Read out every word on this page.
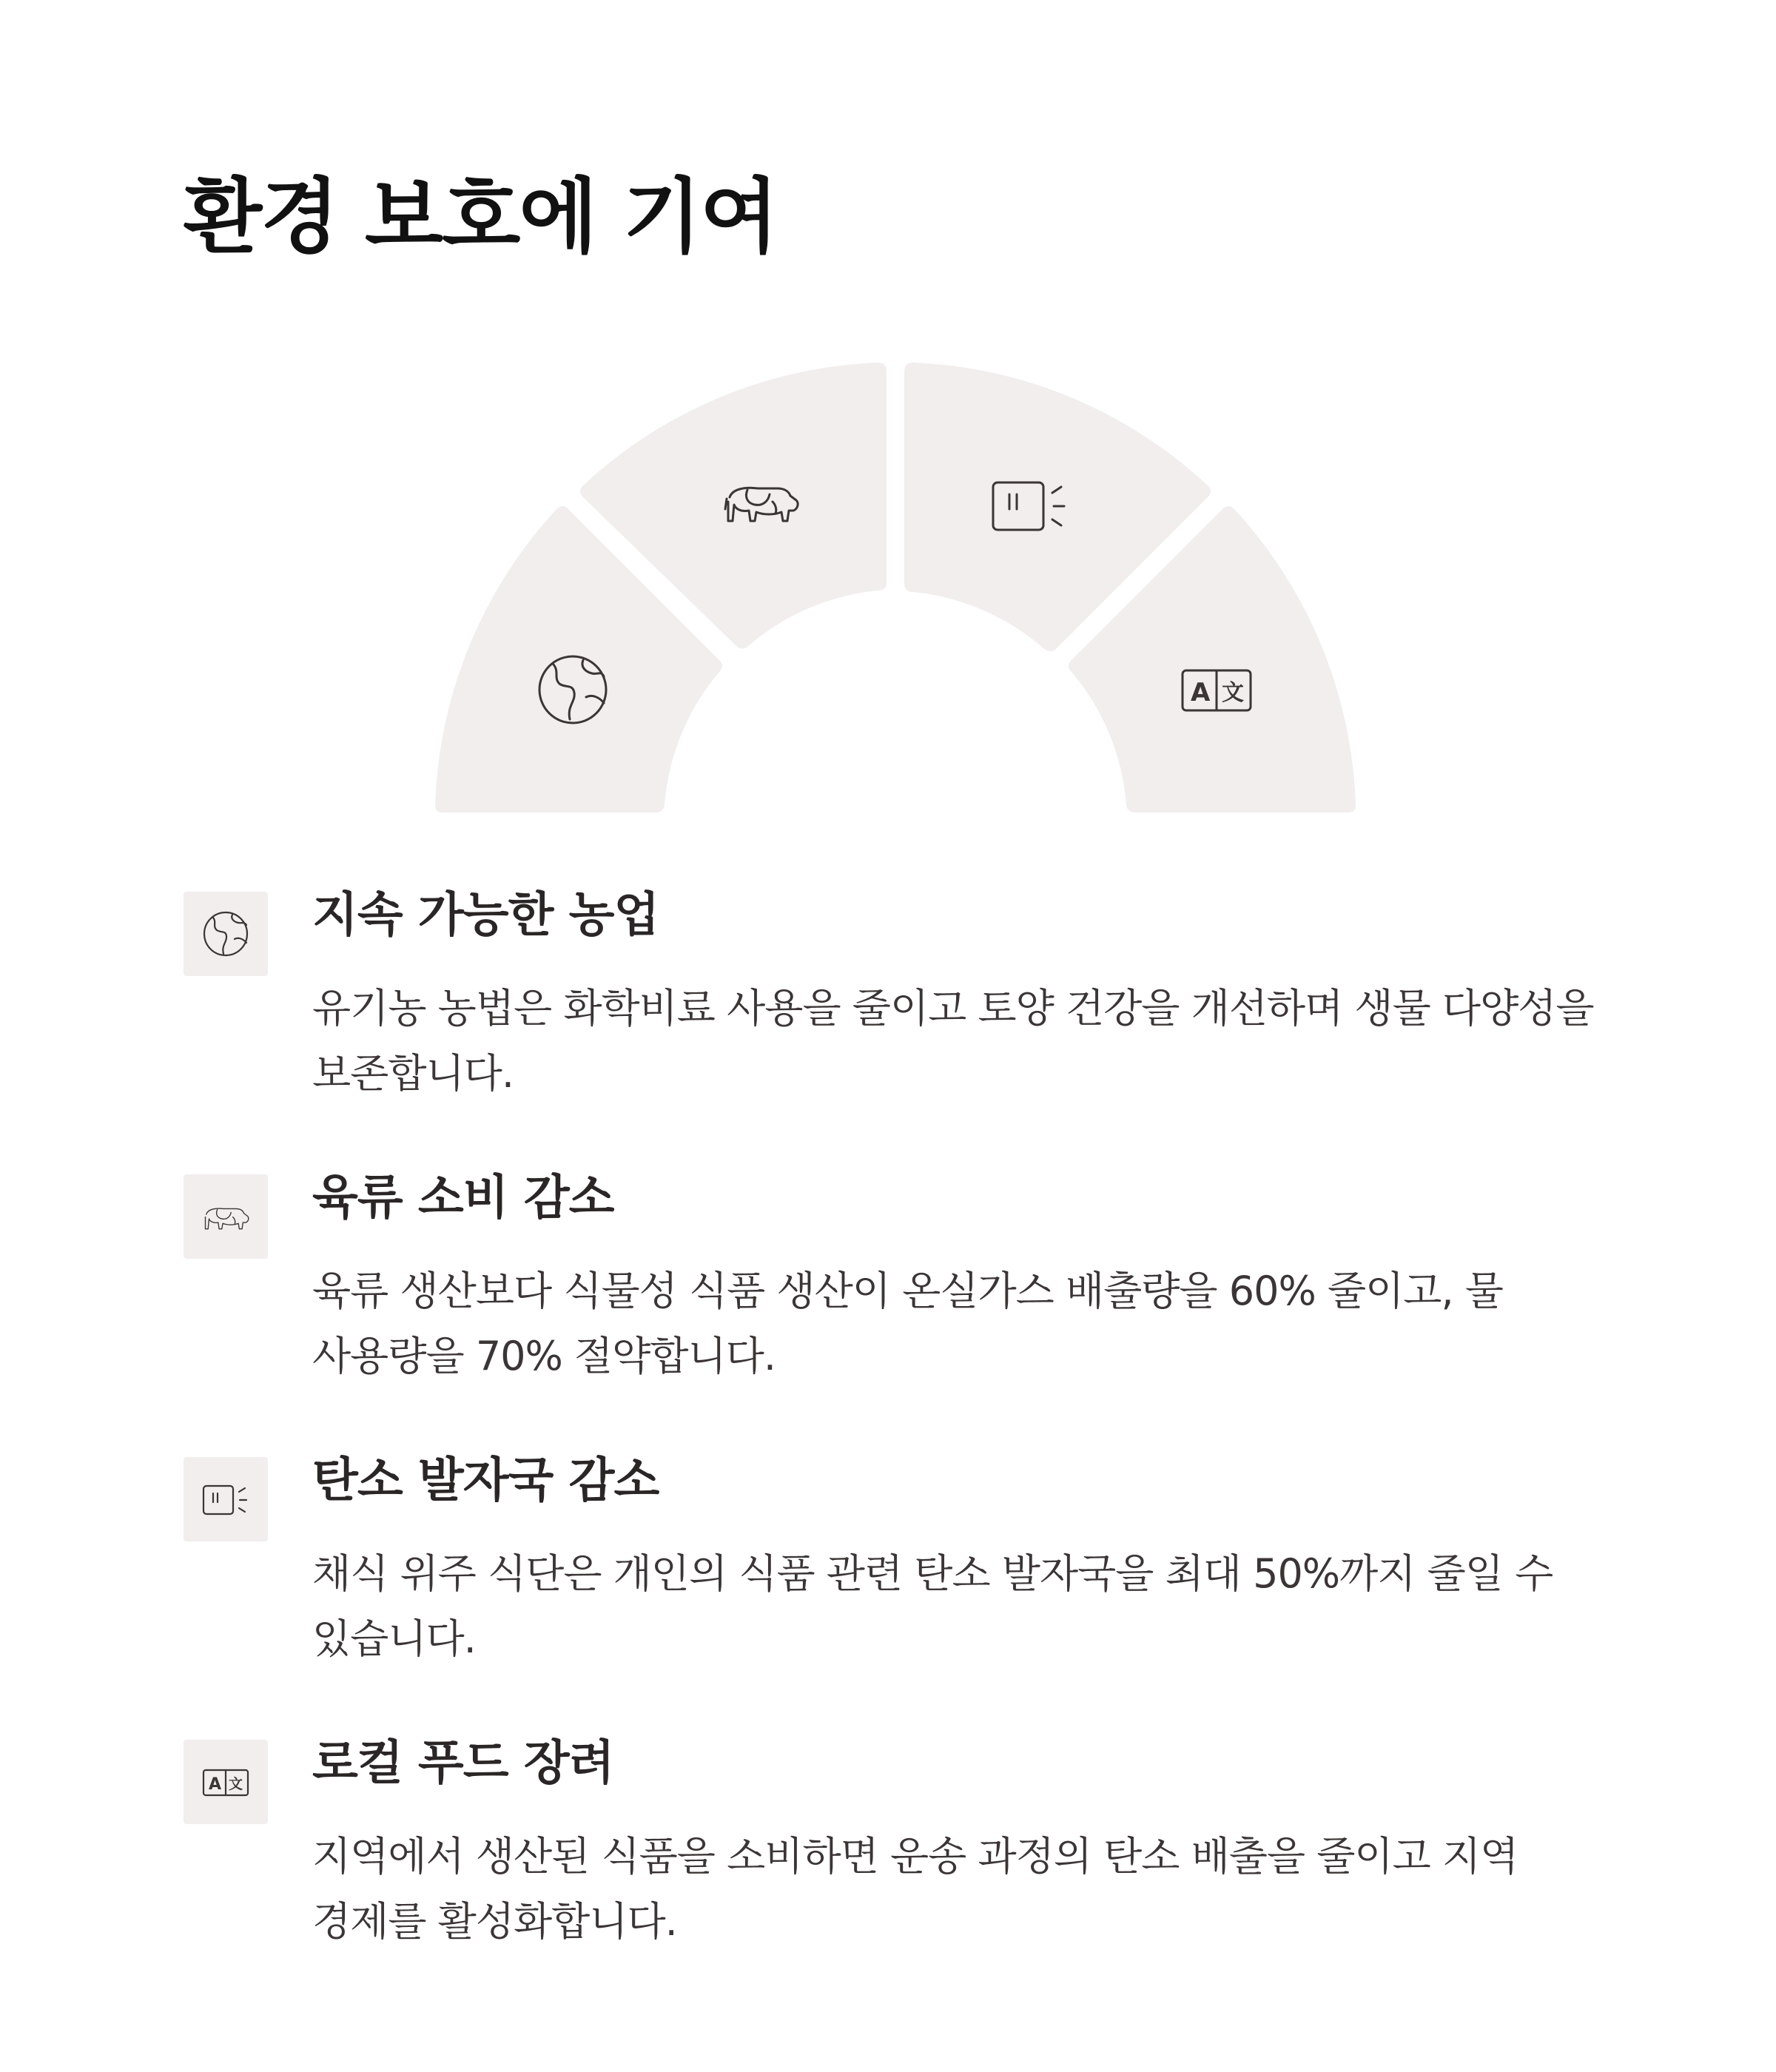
환경 보호에 기여
A 文
지속 가능한 농업

유기농 농법은 화학비료 사용을 줄이고 토양 건강을 개선하며 생물 다양성을 보존합니다.

육류 소비 감소

육류 생산보다 식물성 식품 생산이 온실가스 배출량을 60% 줄이고, 물 사용량을 70% 절약합니다.

탄소 발자국 감소

채식 위주 식단은 개인의 식품 관련 탄소 발자국을 최대 50%까지 줄일 수 있습니다.

A 文 로컬 푸드 장려

지역에서 생산된 식품을 소비하면 운송 과정의 탄소 배출을 줄이고 지역 경제를 활성화합니다.
